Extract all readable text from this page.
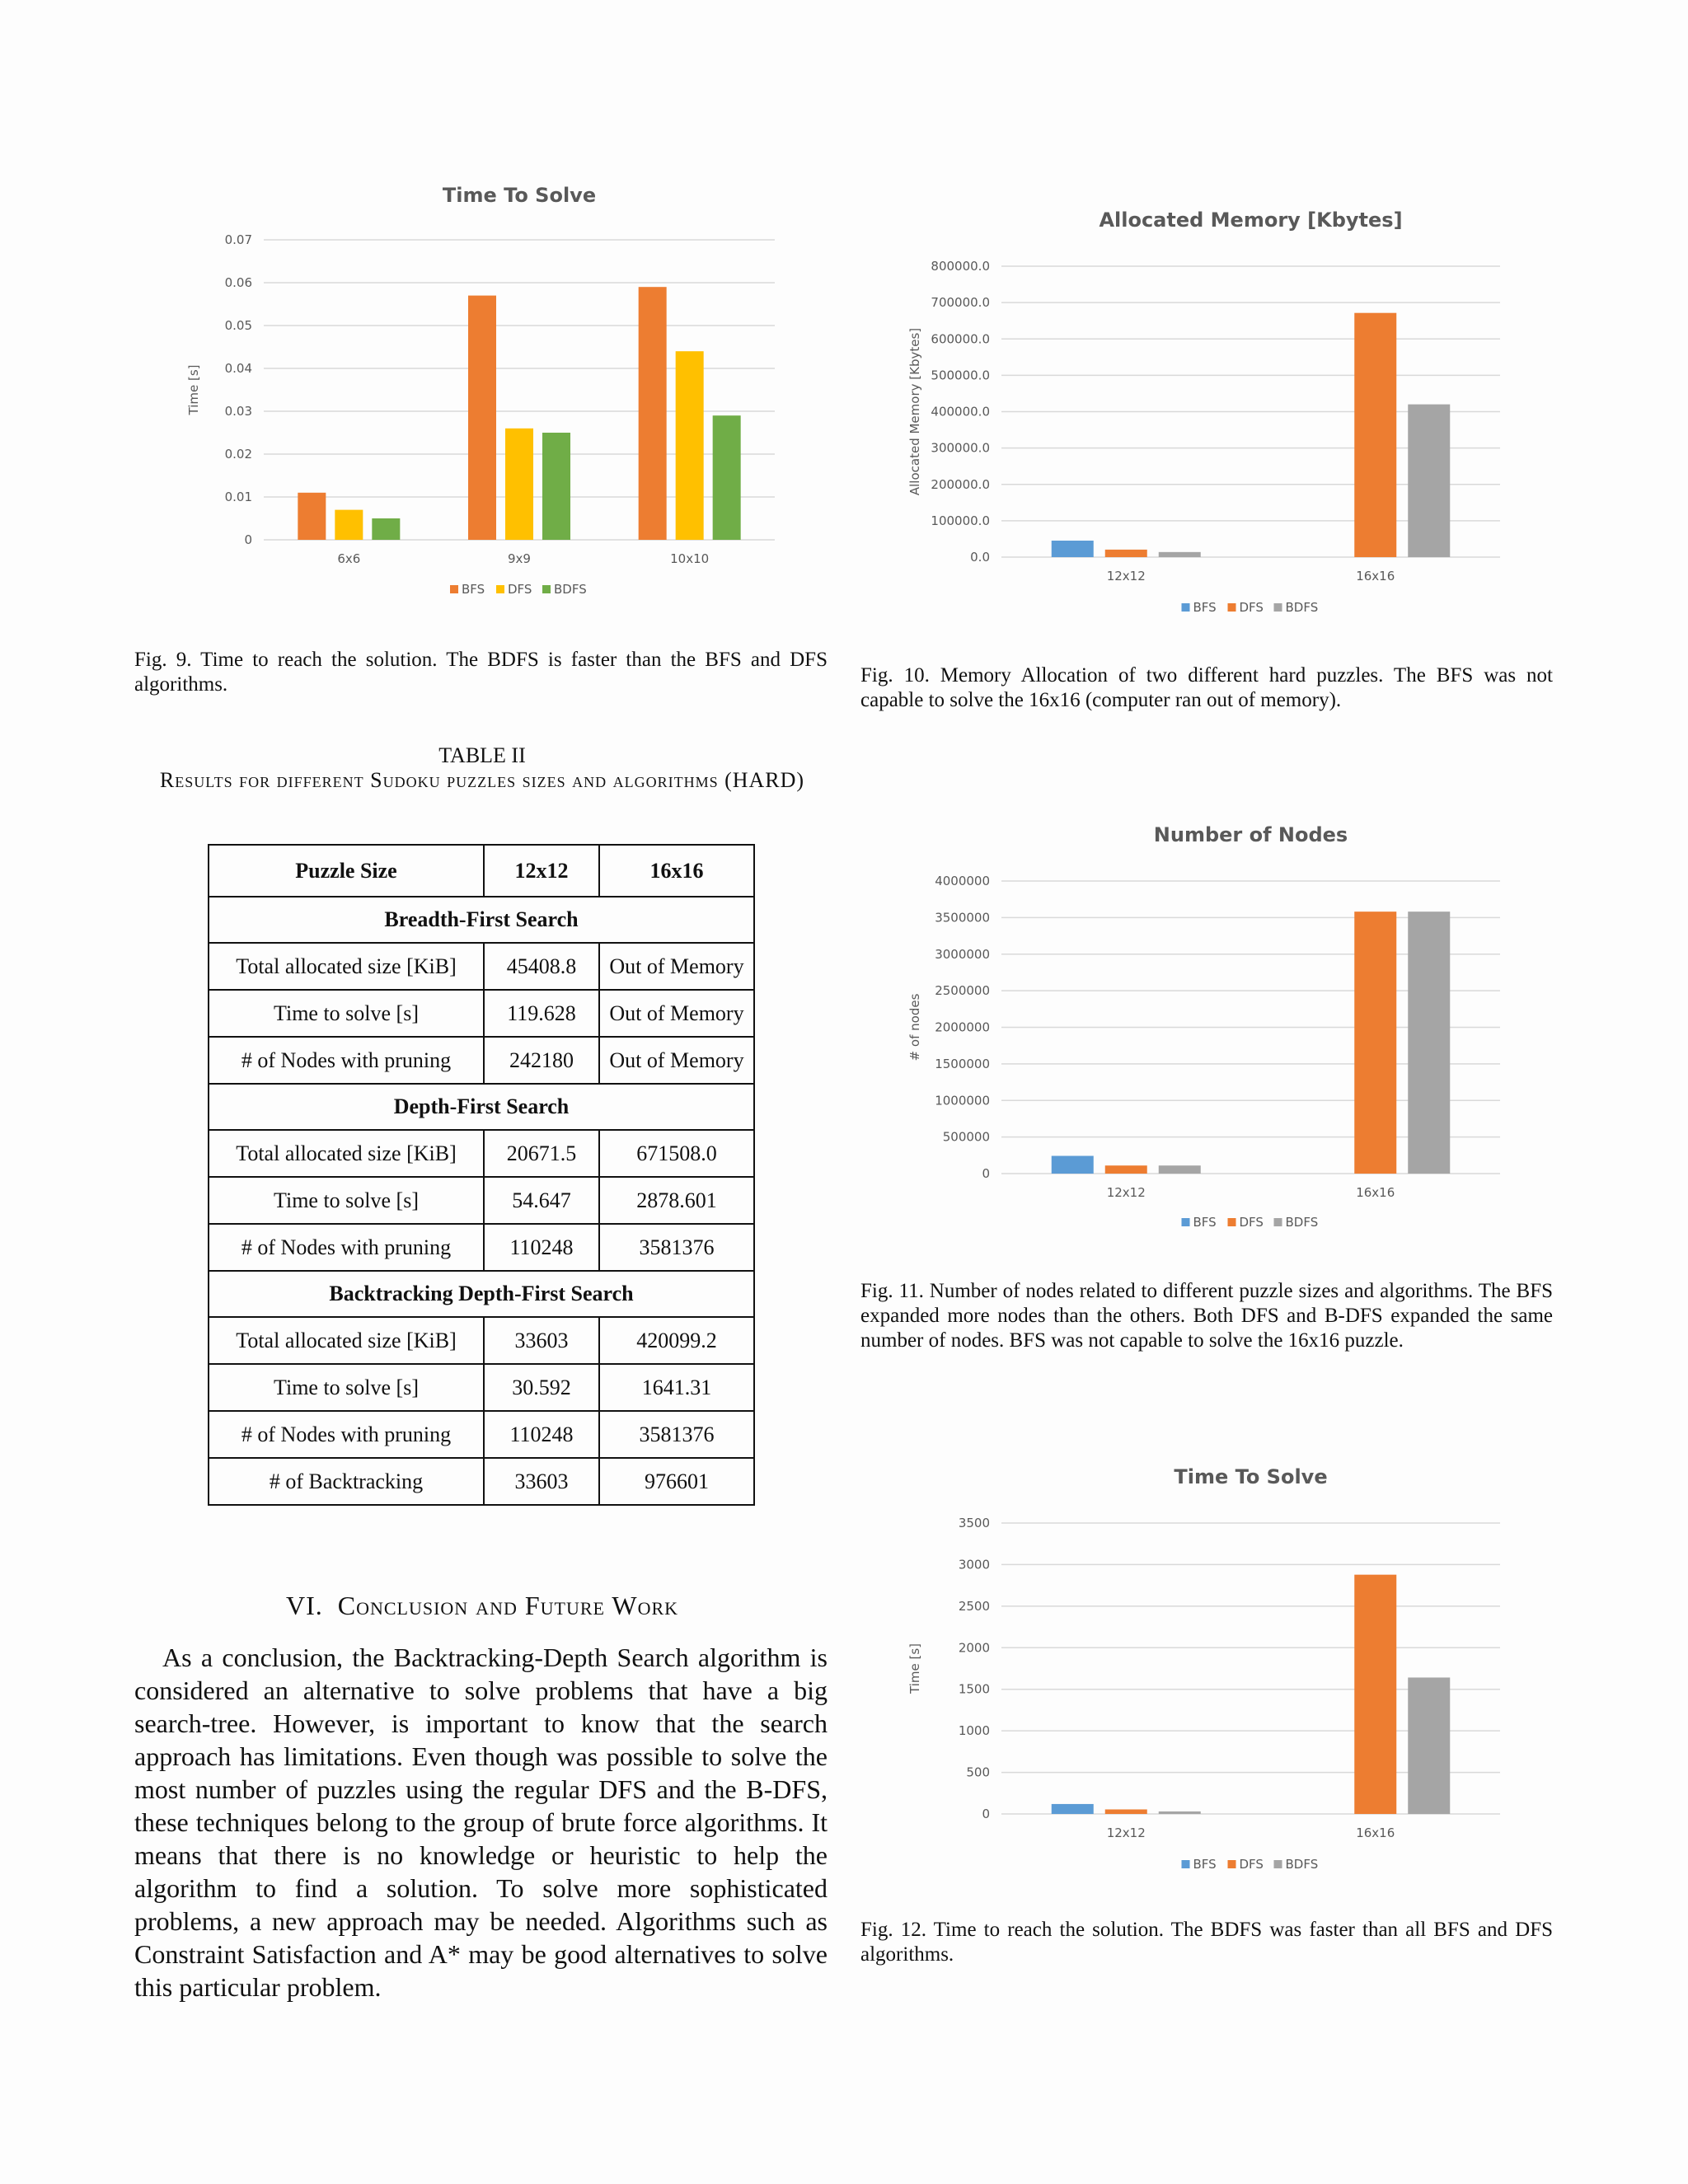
Time To Solve
Time [s]
0
0.01
0.02
0.03
0.04
0.05
0.06
0.07
6x6	9x9	10x10
BFS DFS BDFS
Fig. 9. Time to reach the solution. The BDFS is faster than the BFS and DFS algorithms.
Allocated Memory [Kbytes]
Allocated Memory [Kbytes]
0.0
100000.0
200000.0
300000.0
400000.0
500000.0
600000.0
700000.0
800000.0
12x12	16x16
BFS DFS BDFS
Fig. 10. Memory Allocation of two different hard puzzles. The BFS was not capable to solve the 16x16 (computer ran out of memory).
TABLE II
Results for different Sudoku puzzles sizes and algorithms (HARD)
Puzzle Size	12x12	16x16
Breadth-First Search		
Total allocated size [KiB]	45408.8	Out of Memory
Time to solve [s]	119.628	Out of Memory
# of Nodes with pruning	242180	Out of Memory
Depth-First Search		
Total allocated size [KiB]	20671.5	671508.0
Time to solve [s]	54.647	2878.601
# of Nodes with pruning	110248	3581376
Backtracking Depth-First Search		
Total allocated size [KiB]	33603	420099.2
Time to solve [s]	30.592	1641.31
# of Nodes with pruning	110248	3581376
# of Backtracking	33603	976601
Number of Nodes
# of nodes
0
500000
1000000
1500000
2000000
2500000
3000000
3500000
4000000
12x12	16x16
BFS DFS BDFS
Fig. 11. Number of nodes related to different puzzle sizes and algorithms. The BFS expanded more nodes than the others. Both DFS and B-DFS expanded the same number of nodes. BFS was not capable to solve the 16x16 puzzle.
VI. Conclusion and Future Work
As a conclusion, the Backtracking-Depth Search algorithm is considered an alternative to solve problems that have a big search-tree. However, is important to know that the search approach has limitations. Even though was possible to solve the most number of puzzles using the regular DFS and the B-DFS, these techniques belong to the group of brute force algorithms. It means that there is no knowledge or heuristic to help the algorithm to find a solution. To solve more sophisticated problems, a new approach may be needed. Algorithms such as Constraint Satisfaction and A* may be good alternatives to solve this particular problem.
Time To Solve
Time [s]
0
500
1000
1500
2000
2500
3000
3500
12x12	16x16
BFS DFS BDFS
Fig. 12. Time to reach the solution. The BDFS was faster than all BFS and DFS algorithms.
